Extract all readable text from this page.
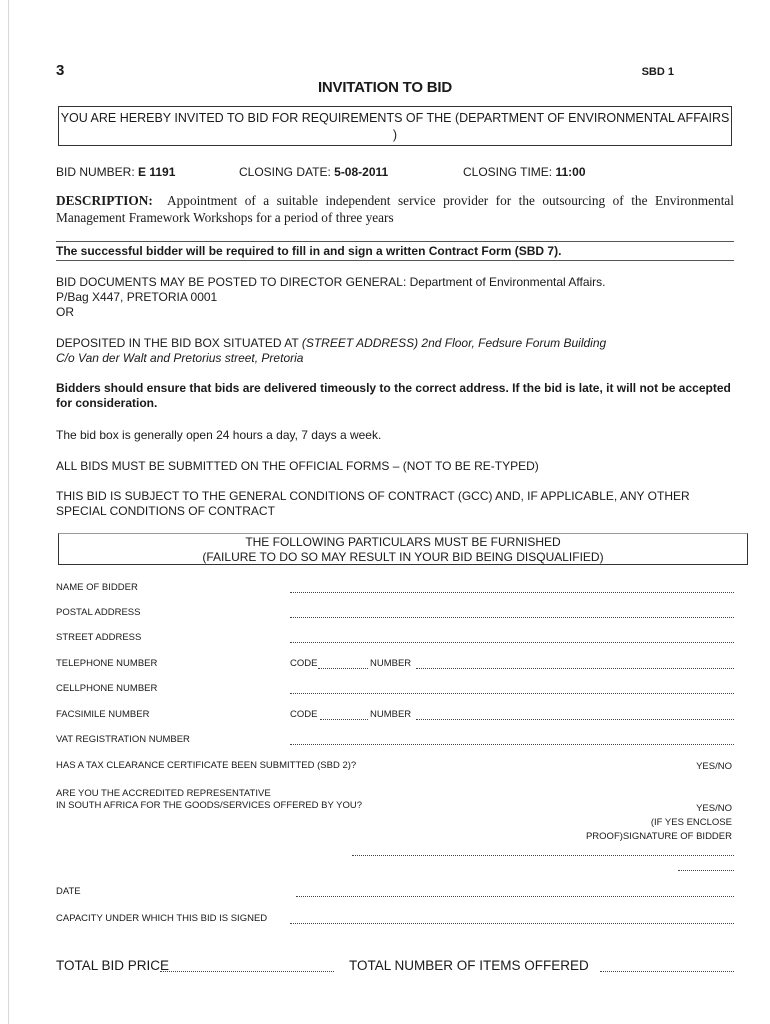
3	SBD 1
INVITATION TO BID
YOU ARE HEREBY INVITED TO BID FOR REQUIREMENTS OF THE (DEPARTMENT OF ENVIRONMENTAL AFFAIRS )
BID NUMBER: E 1191	CLOSING DATE: 5-08-2011	CLOSING TIME: 11:00
DESCRIPTION: Appointment of a suitable independent service provider for the outsourcing of the Environmental Management Framework Workshops for a period of three years
The successful bidder will be required to fill in and sign a written Contract Form (SBD 7).
BID DOCUMENTS MAY BE POSTED TO DIRECTOR GENERAL: Department of Environmental Affairs.
P/Bag X447, PRETORIA 0001
OR
DEPOSITED IN THE BID BOX SITUATED AT (STREET ADDRESS) 2nd Floor, Fedsure Forum Building
C/o Van der Walt and Pretorius street, Pretoria
Bidders should ensure that bids are delivered timeously to the correct address. If the bid is late, it will not be accepted for consideration.
The bid box is generally open 24 hours a day, 7 days a week.
ALL BIDS MUST BE SUBMITTED ON THE OFFICIAL FORMS – (NOT TO BE RE-TYPED)
THIS BID IS SUBJECT TO THE GENERAL CONDITIONS OF CONTRACT (GCC) AND, IF APPLICABLE, ANY OTHER SPECIAL CONDITIONS OF CONTRACT
THE FOLLOWING PARTICULARS MUST BE FURNISHED
(FAILURE TO DO SO MAY RESULT IN YOUR BID BEING DISQUALIFIED)
NAME OF BIDDER
POSTAL ADDRESS
STREET ADDRESS
TELEPHONE NUMBER	CODE	NUMBER
CELLPHONE NUMBER
FACSIMILE NUMBER	CODE	NUMBER
VAT REGISTRATION NUMBER
HAS A TAX CLEARANCE CERTIFICATE BEEN SUBMITTED (SBD 2)?	YES/NO
ARE YOU THE ACCREDITED REPRESENTATIVE
IN SOUTH AFRICA FOR THE GOODS/SERVICES OFFERED BY YOU?	YES/NO
(IF YES ENCLOSE
PROOF)SIGNATURE OF BIDDER
DATE
CAPACITY UNDER WHICH THIS BID IS SIGNED
TOTAL BID PRICE	TOTAL NUMBER OF ITEMS OFFERED
